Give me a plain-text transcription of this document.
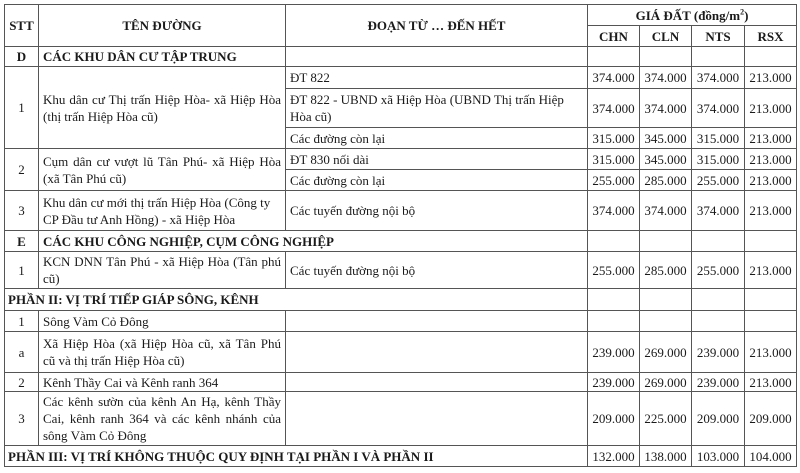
STT	TÊN ĐƯỜNG	ĐOẠN TỪ … ĐẾN HẾT	GIÁ ĐẤT $(đồng/m^2)$			
			CHN	CLN	NTS	RSX
D	CÁC KHU DÂN CƯ TẬP TRUNG					
1	Khu dân cư Thị trấn Hiệp Hòa- xã Hiệp Hòa (thị trấn Hiệp Hòa cũ)	ĐT 822	374.000	374.000	374.000	213.000
		ĐT 822 - UBND xã Hiệp Hòa (UBND Thị trấn Hiệp Hòa cũ)	374.000	374.000	374.000	213.000
		Các đường còn lại	315.000	345.000	315.000	213.000
2	Cụm dân cư vượt lũ Tân Phú- xã Hiệp Hòa (xã Tân Phú cũ)	ĐT 830 nối dài	315.000	345.000	315.000	213.000
		Các đường còn lại	255.000	285.000	255.000	213.000
3	Khu dân cư mới thị trấn Hiệp Hòa (Công ty CP Đầu tư Anh Hồng) - xã Hiệp Hòa	Các tuyến đường nội bộ	374.000	374.000	374.000	213.000
E	CÁC KHU CÔNG NGHIỆP, CỤM CÔNG NGHIỆP					
1	KCN DNN Tân Phú - xã Hiệp Hòa (Tân phú cũ)	Các tuyến đường nội bộ	255.000	285.000	255.000	213.000
PHẦN II: VỊ TRÍ TIẾP GIÁP SÔNG, KÊNH						
1	Sông Vàm Cỏ Đông					
a	Xã Hiệp Hòa (xã Hiệp Hòa cũ, xã Tân Phú cũ và thị trấn Hiệp Hòa cũ)		239.000	269.000	239.000	213.000
2	Kênh Thầy Cai và Kênh ranh 364		239.000	269.000	239.000	213.000
3	Các kênh sườn của kênh An Hạ, kênh Thầy Cai, kênh ranh 364 và các kênh nhánh của sông Vàm Cỏ Đông		209.000	225.000	209.000	209.000
PHẦN III: VỊ TRÍ KHÔNG THUỘC QUY ĐỊNH TẠI PHẦN I VÀ PHẦN II			132.000	138.000	103.000	104.000
